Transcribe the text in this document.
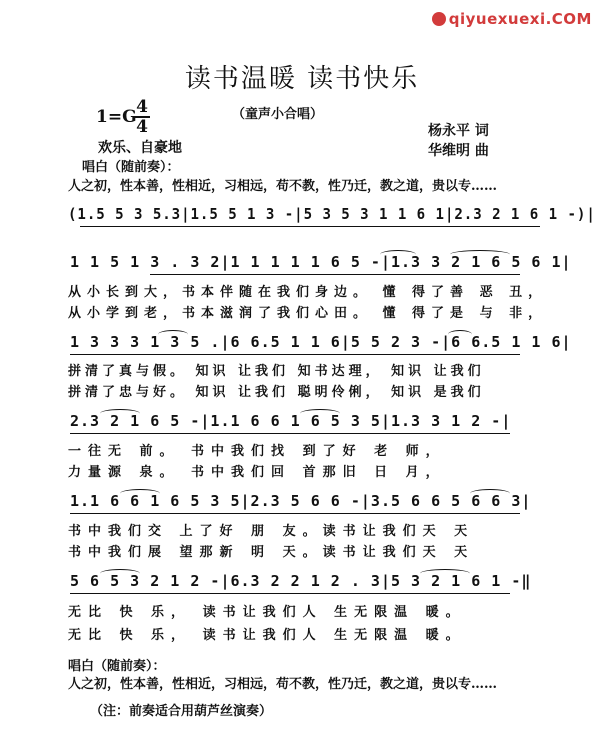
qiyuexuexi.COM
读书温暖 读书快乐
（童声小合唱）
1=G 4
4
欢乐、自豪地
杨永平 词
华维明 曲
唱白（随前奏）：
人之初，性本善，性相近，习相远，苟不教，性乃迁，教之道，贵以专……
(1.5 5 3 5.3|1.5 5 1 3 -|5 3 5 3 1 1 6 1|2.3 2 1 6 1 -)|
1 1 5 1 3 . 3 2|1 1 1 1 1 6 5 -|1.3 3 2 1 6 5 6 1|
从小长到大，书本伴随在我们身边。 懂 得了善 恶 丑，
从小学到老，书本滋润了我们心田。 懂 得了是 与 非，
1 3 3 3 1 3 5 .|6 6.5 1 1 6|5 5 2 3 -|6 6.5 1 1 6|
拼清了真与假。 知识 让我们 知书达理， 知识 让我们
拼清了忠与好。 知识 让我们 聪明伶俐， 知识 是我们
2.3 2 1 6 5 -|1.1 6 6 1 6 5 3 5|1.3 3 1 2 -|
一往无 前。 书中我们找 到了好 老 师，
力量源 泉。 书中我们回 首那旧 日 月，
1.1 6 6 1 6 5 3 5|2.3 5 6 6 -|3.5 6 6 5 6 6 3|
书中我们交 上了好 朋 友。读书让我们天 天
书中我们展 望那新 明 天。读书让我们天 天
5 6 5 3 2 1 2 -|6.3 2 2 1 2 . 3|5 3 2 1 6 1 -‖
无比 快 乐， 读书让我们人 生无限温 暖。
无比 快 乐， 读书让我们人 生无限温 暖。
唱白（随前奏）：
人之初，性本善，性相近，习相远，苟不教，性乃迁，教之道，贵以专……
（注：前奏适合用葫芦丝演奏）
